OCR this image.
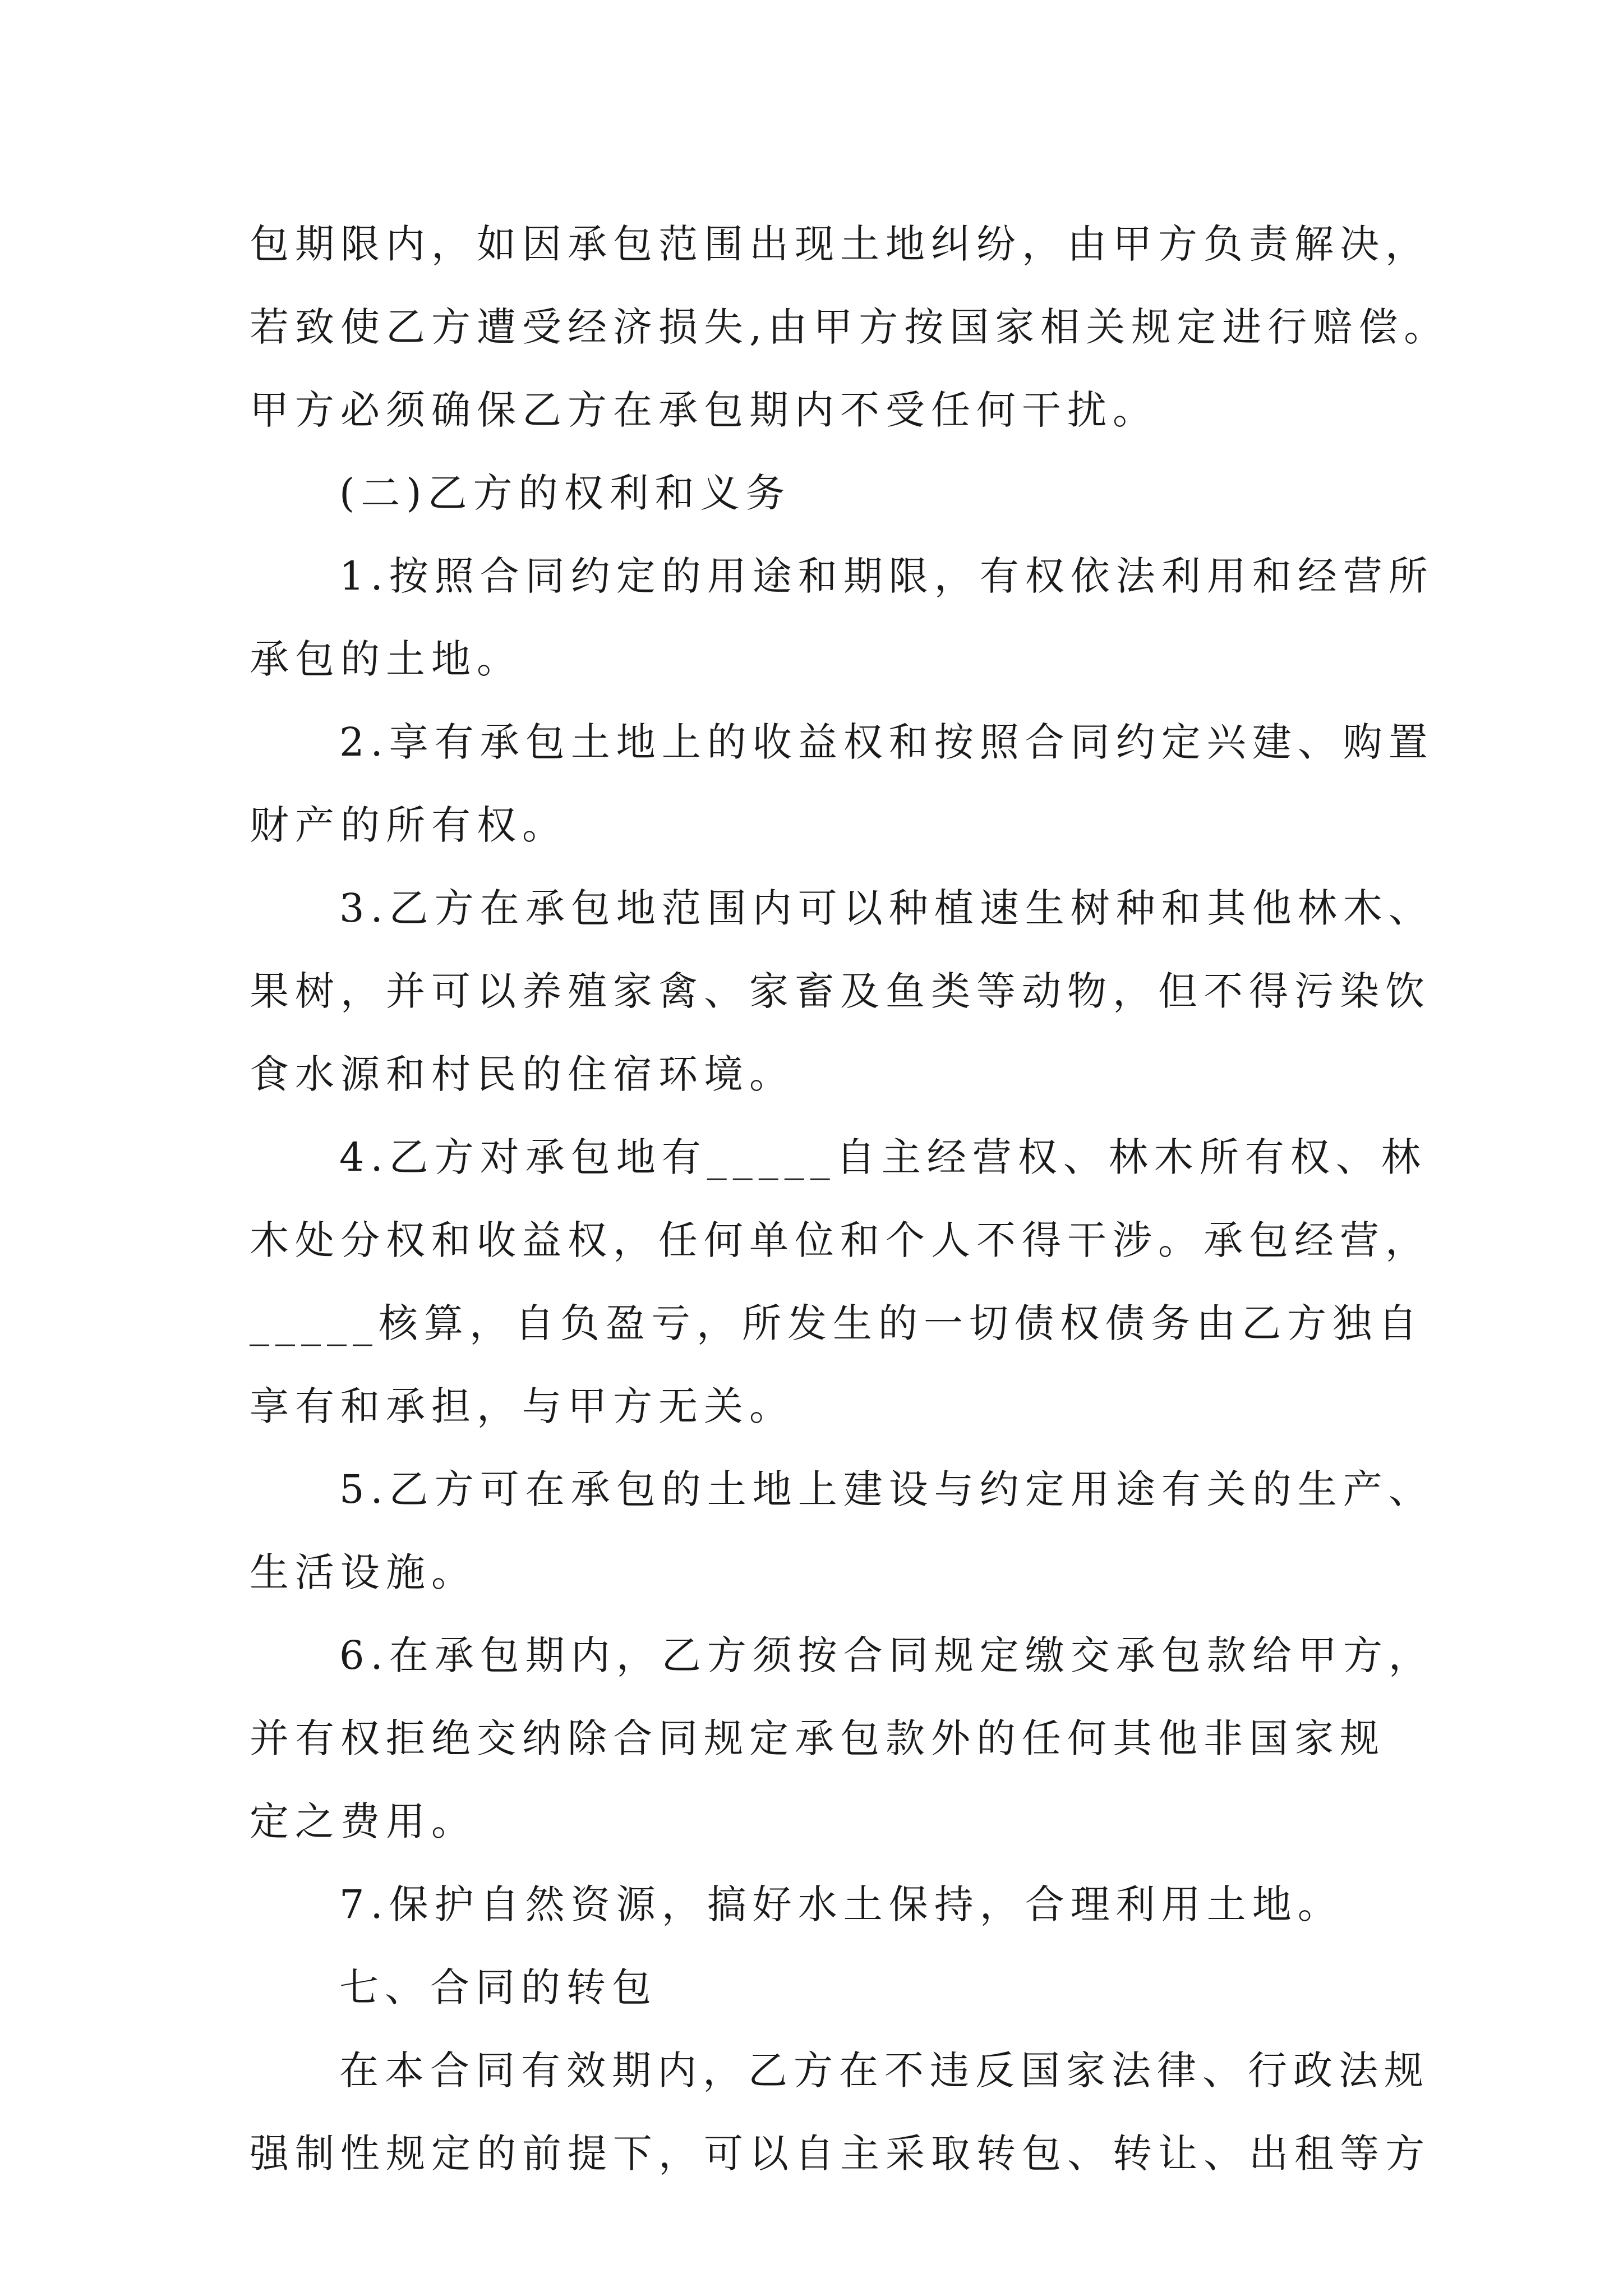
包期限内，如因承包范围出现土地纠纷，由甲方负责解决，
若致使乙方遭受经济损失,由甲方按国家相关规定进行赔偿。
甲方必须确保乙方在承包期内不受任何干扰。
(二)乙方的权利和义务
1.按照合同约定的用途和期限，有权依法利用和经营所
承包的土地。
2.享有承包土地上的收益权和按照合同约定兴建、购置
财产的所有权。
3.乙方在承包地范围内可以种植速生树种和其他林木、
果树，并可以养殖家禽、家畜及鱼类等动物，但不得污染饮
食水源和村民的住宿环境。
4.乙方对承包地有_____自主经营权、林木所有权、林
木处分权和收益权，任何单位和个人不得干涉。承包经营，
_____核算，自负盈亏，所发生的一切债权债务由乙方独自
享有和承担，与甲方无关。
5.乙方可在承包的土地上建设与约定用途有关的生产、
生活设施。
6.在承包期内，乙方须按合同规定缴交承包款给甲方，
并有权拒绝交纳除合同规定承包款外的任何其他非国家规
定之费用。
7.保护自然资源，搞好水土保持，合理利用土地。
七、合同的转包
在本合同有效期内，乙方在不违反国家法律、行政法规
强制性规定的前提下，可以自主采取转包、转让、出租等方
